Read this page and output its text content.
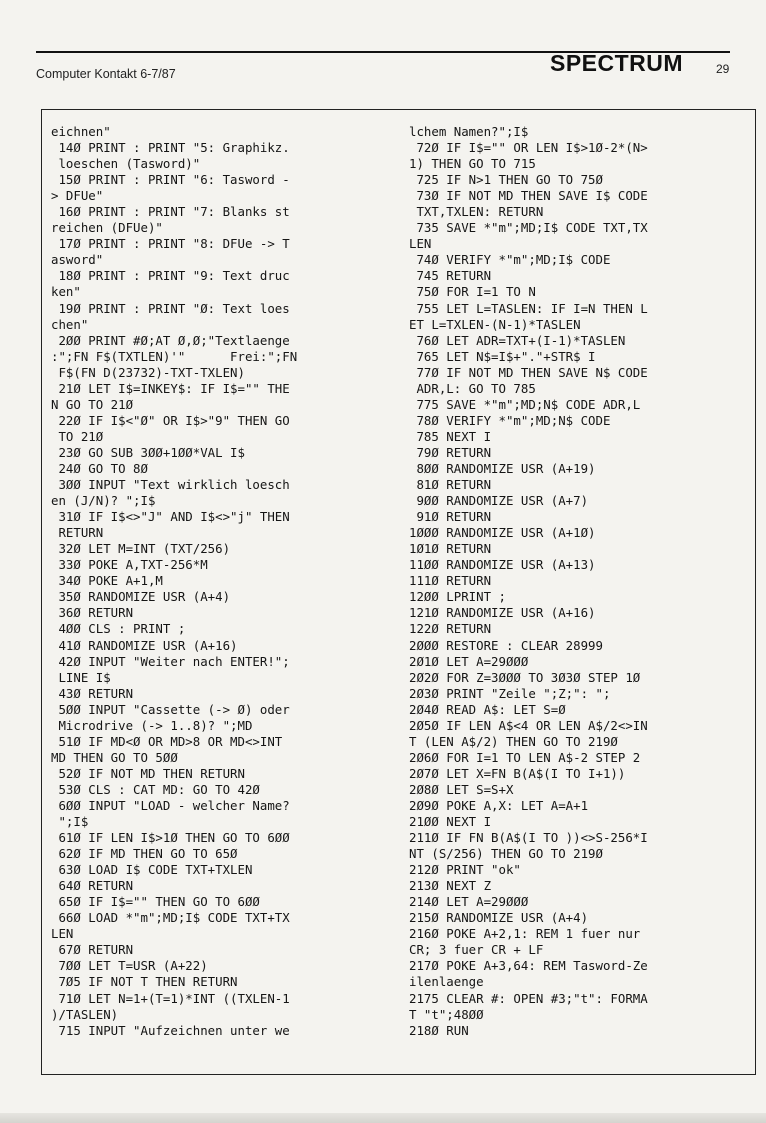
Computer Kontakt 6-7/87	SPECTRUM	29
eichnen"
14Ø PRINT : PRINT "5: Graphikz.
loeschen (Tasword)"
15Ø PRINT : PRINT "6: Tasword -
> DFUe"
16Ø PRINT : PRINT "7: Blanks st
reichen (DFUe)"
17Ø PRINT : PRINT "8: DFUe -> T
asword"
18Ø PRINT : PRINT "9: Text druc
ken"
19Ø PRINT : PRINT "Ø: Text loes
chen"
2ØØ PRINT #Ø;AT Ø,Ø;"Textlaenge
:";FN F$(TXTLEN)'"      Frei:";FN
F$(FN D(23732)-TXT-TXLEN)
21Ø LET I$=INKEY$: IF I$="" THE
N GO TO 21Ø
22Ø IF I$<"Ø" OR I$>"9" THEN GO
TO 21Ø
23Ø GO SUB 3ØØ+1ØØ*VAL I$
24Ø GO TO 8Ø
3ØØ INPUT "Text wirklich loesch
en (J/N)? ";I$
31Ø IF I$<>"J" AND I$<>"j" THEN
RETURN
32Ø LET M=INT (TXT/256)
33Ø POKE A,TXT-256*M
34Ø POKE A+1,M
35Ø RANDOMIZE USR (A+4)
36Ø RETURN
4ØØ CLS : PRINT ;
41Ø RANDOMIZE USR (A+16)
42Ø INPUT "Weiter nach ENTER!";
LINE I$
43Ø RETURN
5ØØ INPUT "Cassette (-> Ø) oder
Microdrive (-> 1..8)? ";MD
51Ø IF MD<Ø OR MD>8 OR MD<>INT
MD THEN GO TO 5ØØ
52Ø IF NOT MD THEN RETURN
53Ø CLS : CAT MD: GO TO 42Ø
6ØØ INPUT "LOAD - welcher Name?
";I$
61Ø IF LEN I$>1Ø THEN GO TO 6ØØ
62Ø IF MD THEN GO TO 65Ø
63Ø LOAD I$ CODE TXT+TXLEN
64Ø RETURN
65Ø IF I$="" THEN GO TO 6ØØ
66Ø LOAD *"m";MD;I$ CODE TXT+TX
LEN
67Ø RETURN
7ØØ LET T=USR (A+22)
7Ø5 IF NOT T THEN RETURN
71Ø LET N=1+(T=1)*INT ((TXLEN-1
)/TASLEN)
715 INPUT "Aufzeichnen unter we
lchem Namen?";I$
72Ø IF I$="" OR LEN I$>1Ø-2*(N>
1) THEN GO TO 715
725 IF N>1 THEN GO TO 75Ø
73Ø IF NOT MD THEN SAVE I$ CODE
TXT,TXLEN: RETURN
735 SAVE *"m";MD;I$ CODE TXT,TX
LEN
74Ø VERIFY *"m";MD;I$ CODE
745 RETURN
75Ø FOR I=1 TO N
755 LET L=TASLEN: IF I=N THEN L
ET L=TXLEN-(N-1)*TASLEN
76Ø LET ADR=TXT+(I-1)*TASLEN
765 LET N$=I$+"."+STR$ I
77Ø IF NOT MD THEN SAVE N$ CODE
ADR,L: GO TO 785
775 SAVE *"m";MD;N$ CODE ADR,L
78Ø VERIFY *"m";MD;N$ CODE
785 NEXT I
79Ø RETURN
8ØØ RANDOMIZE USR (A+19)
81Ø RETURN
9ØØ RANDOMIZE USR (A+7)
91Ø RETURN
1ØØØ RANDOMIZE USR (A+1Ø)
1Ø1Ø RETURN
11ØØ RANDOMIZE USR (A+13)
111Ø RETURN
12ØØ LPRINT ;
121Ø RANDOMIZE USR (A+16)
122Ø RETURN
2ØØØ RESTORE : CLEAR 28999
2Ø1Ø LET A=29ØØØ
2Ø2Ø FOR Z=3ØØØ TO 3Ø3Ø STEP 1Ø
2Ø3Ø PRINT "Zeile ";Z;": ";
2Ø4Ø READ A$: LET S=Ø
2Ø5Ø IF LEN A$<4 OR LEN A$/2<>IN
T (LEN A$/2) THEN GO TO 219Ø
2Ø6Ø FOR I=1 TO LEN A$-2 STEP 2
2Ø7Ø LET X=FN B(A$(I TO I+1))
2Ø8Ø LET S=S+X
2Ø9Ø POKE A,X: LET A=A+1
21ØØ NEXT I
211Ø IF FN B(A$(I TO ))<>S-256*I
NT (S/256) THEN GO TO 219Ø
212Ø PRINT "ok"
213Ø NEXT Z
214Ø LET A=29ØØØ
215Ø RANDOMIZE USR (A+4)
216Ø POKE A+2,1: REM 1 fuer nur
CR; 3 fuer CR + LF
217Ø POKE A+3,64: REM Tasword-Ze
ilenlaenge
2175 CLEAR #: OPEN #3;"t": FORMA
T "t";48ØØ
218Ø RUN
